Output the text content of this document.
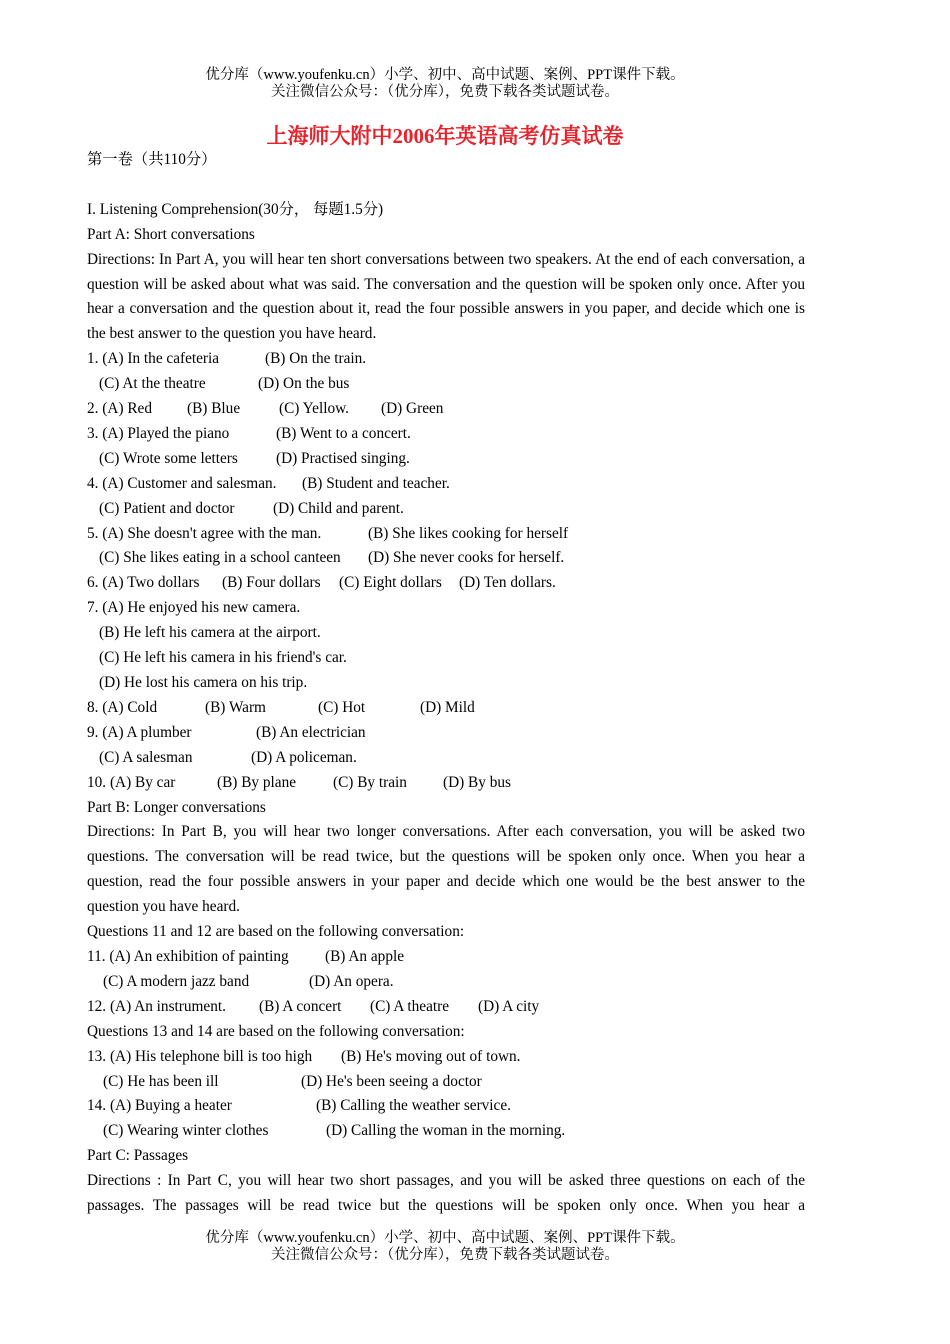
优分库（www.youfenku.cn）小学、初中、高中试题、案例、PPT课件下载。
关注微信公众号：（优分库），免费下载各类试题试卷。
上海师大附中2006年英语高考仿真试卷

第一卷（共110分）

I. Listening Comprehension(30分， 每题1.5分)

Part A: Short conversations

Directions: In Part A, you will hear ten short conversations between two speakers. At the end of each conversation, a question will be asked about what was said. The conversation and the question will be spoken only once. After you hear a conversation and the question about it, read the four possible answers in you paper, and decide which one is the best answer to the question you have heard.

1. (A) In the cafeteria	(B) On the train.

(C) At the theatre	(D) On the bus

2. (A) Red (B) Blue	(C) Yellow. (D) Green

3. (A) Played the piano	(B) Went to a concert.

(C) Wrote some letters (D) Practised singing.

4. (A) Customer and salesman. (B) Student and teacher.

(C) Patient and doctor	(D) Child and parent.

5. (A) She doesn't agree with the man.	(B) She likes cooking for herself

(C) She likes eating in a school canteen (D) She never cooks for herself.

6. (A) Two dollars (B) Four dollars (C) Eight dollars (D) Ten dollars.

7. (A) He enjoyed his new camera.

(B) He left his camera at the airport.

(C) He left his camera in his friend's car.

(D) He lost his camera on his trip.

8. (A) Cold	(B) Warm	(C) Hot	(D) Mild

9. (A) A plumber	(B) An electrician

(C) A salesman	(D) A policeman.

10. (A) By car	(B) By plane (C) By train (D) By bus

Part B: Longer conversations

Directions: In Part B, you will hear two longer conversations. After each conversation, you will be asked two questions. The conversation will be read twice, but the questions will be spoken only once. When you hear a question, read the four possible answers in your paper and decide which one would be the best answer to the question you have heard.

Questions 11 and 12 are based on the following conversation:

11. (A) An exhibition of painting (B) An apple

(C) A modern jazz band	(D) An opera.

12. (A) An instrument. (B) A concert (C) A theatre (D) A city

Questions 13 and 14 are based on the following conversation:

13. (A) His telephone bill is too high (B) He's moving out of town.

(C) He has been ill	(D) He's been seeing a doctor

14. (A) Buying a heater	(B) Calling the weather service.

(C) Wearing winter clothes	(D) Calling the woman in the morning.

Part C: Passages

Directions : In Part C, you will hear two short passages, and you will be asked three questions on each of the passages. The passages will be read twice but the questions will be spoken only once. When you hear a

优分库（www.youfenku.cn）小学、初中、高中试题、案例、PPT课件下载。
关注微信公众号：（优分库），免费下载各类试题试卷。
